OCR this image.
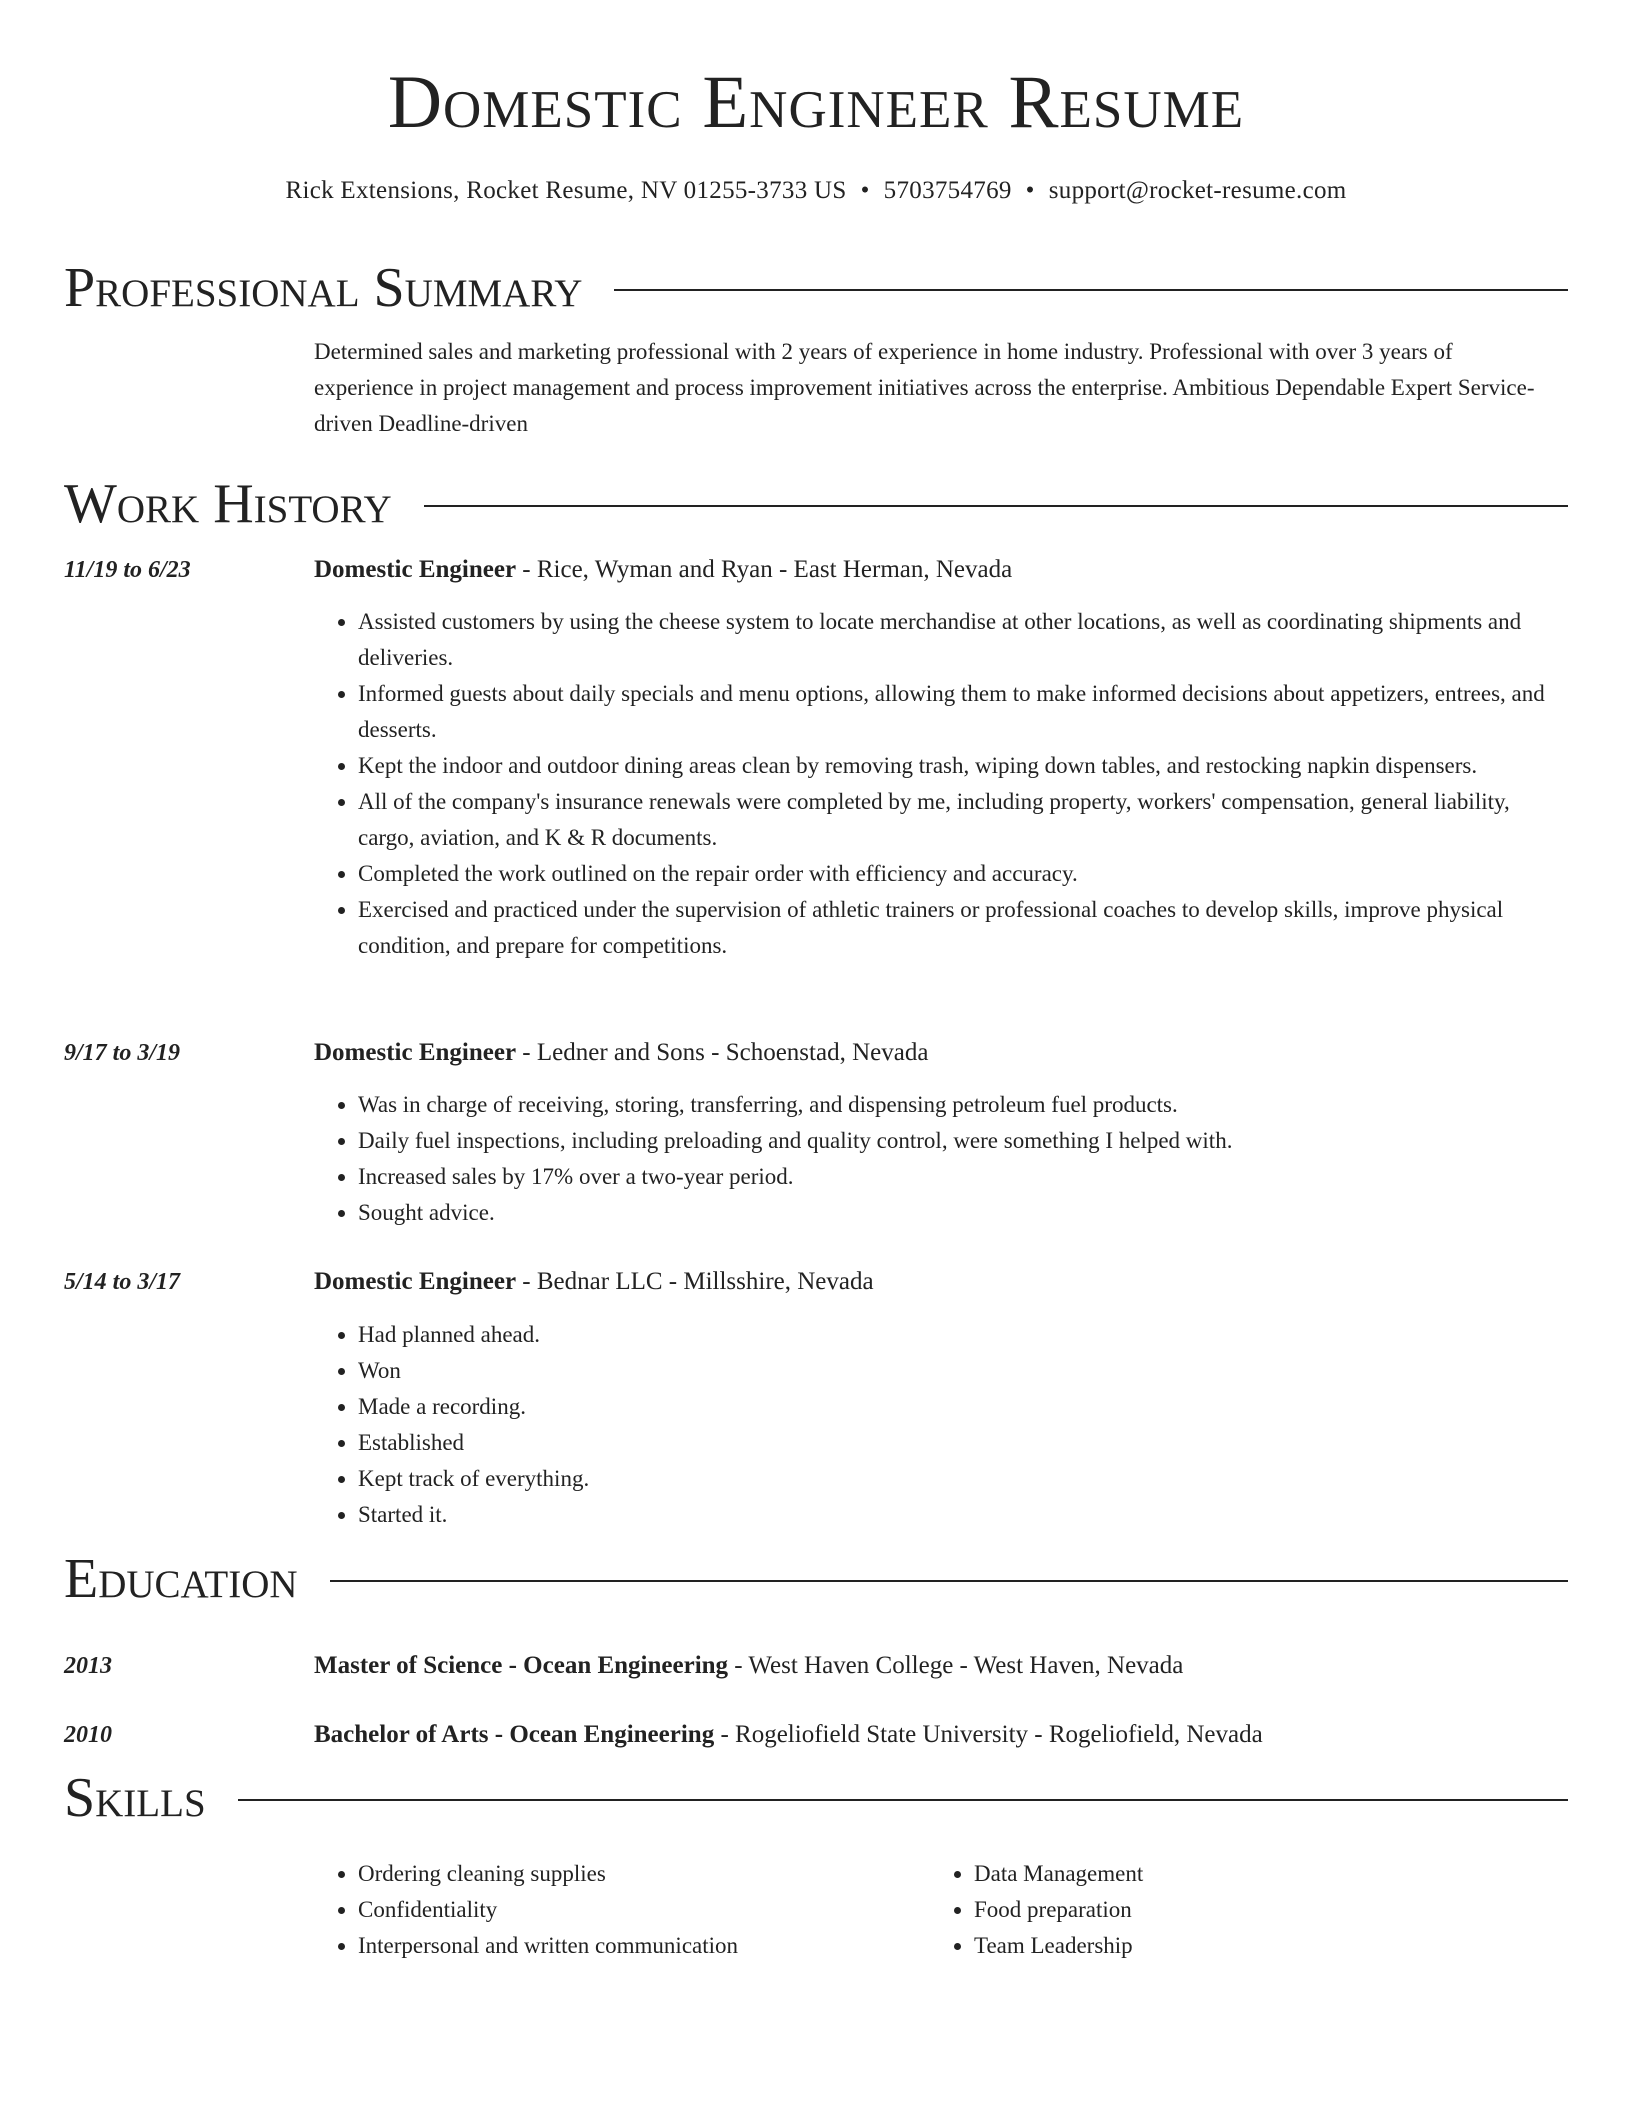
Domestic Engineer Resume
Rick Extensions, Rocket Resume, NV 01255-3733 US • 5703754769 • support@rocket-resume.com
Professional Summary
Determined sales and marketing professional with 2 years of experience in home industry. Professional with over 3 years of experience in project management and process improvement initiatives across the enterprise. Ambitious Dependable Expert Service-driven Deadline-driven
Work History
11/19 to 6/23	Domestic Engineer - Rice, Wyman and Ryan - East Herman, Nevada
• Assisted customers by using the cheese system to locate merchandise at other locations, as well as coordinating shipments and deliveries.
• Informed guests about daily specials and menu options, allowing them to make informed decisions about appetizers, entrees, and desserts.
• Kept the indoor and outdoor dining areas clean by removing trash, wiping down tables, and restocking napkin dispensers.
• All of the company's insurance renewals were completed by me, including property, workers' compensation, general liability, cargo, aviation, and K & R documents.
• Completed the work outlined on the repair order with efficiency and accuracy.
• Exercised and practiced under the supervision of athletic trainers or professional coaches to develop skills, improve physical condition, and prepare for competitions.
9/17 to 3/19	Domestic Engineer - Ledner and Sons - Schoenstad, Nevada
• Was in charge of receiving, storing, transferring, and dispensing petroleum fuel products.
• Daily fuel inspections, including preloading and quality control, were something I helped with.
• Increased sales by 17% over a two-year period.
• Sought advice.
5/14 to 3/17	Domestic Engineer - Bednar LLC - Millsshire, Nevada
• Had planned ahead.
• Won
• Made a recording.
• Established
• Kept track of everything.
• Started it.
Education
2013	Master of Science - Ocean Engineering - West Haven College - West Haven, Nevada
2010	Bachelor of Arts - Ocean Engineering - Rogeliofield State University - Rogeliofield, Nevada
Skills
• Ordering cleaning supplies
• Confidentiality
• Interpersonal and written communication
• Data Management
• Food preparation
• Team Leadership
